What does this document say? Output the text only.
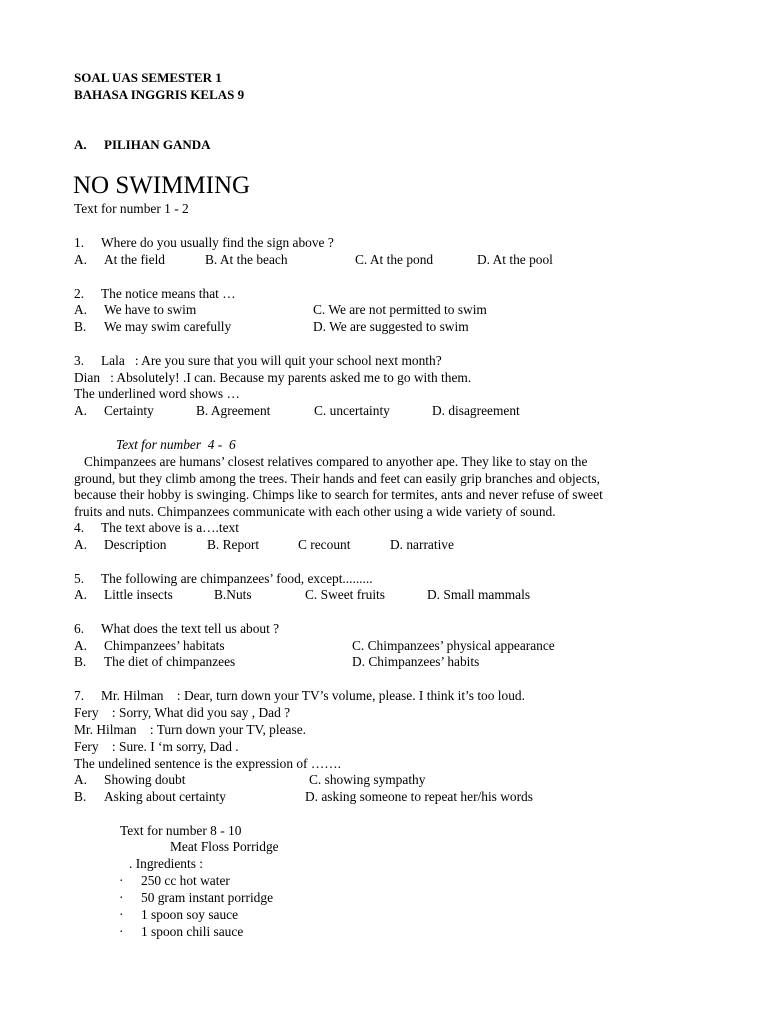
SOAL UAS SEMESTER 1
BAHASA INGGRIS KELAS 9
A. PILIHAN GANDA
NO SWIMMING
Text for number 1 - 2
1. Where do you usually find the sign above ?
A. At the field	B. At the beach	C. At the pond	D. At the pool
2. The notice means that …
A. We have to swim	C. We are not permitted to swim
B. We may swim carefully	D. We are suggested to swim
3. Lala   : Are you sure that you will quit your school next month?
Dian   : Absolutely! .I can. Because my parents asked me to go with them.
The underlined word shows …
A. Certainty	B. Agreement	C. uncertainty	D. disagreement
Text for number  4 -  6
Chimpanzees are humans’ closest relatives compared to anyother ape. They like to stay on the
ground, but they climb among the trees. Their hands and feet can easily grip branches and objects,
because their hobby is swinging. Chimps like to search for termites, ants and never refuse of sweet
fruits and nuts. Chimpanzees communicate with each other using a wide variety of sound.
4. The text above is a….text
A. Description	B. Report	C recount	D. narrative
5. The following are chimpanzees’ food, except.........
A. Little insects	B.Nuts	C. Sweet fruits	D. Small mammals
6. What does the text tell us about ?
A. Chimpanzees’ habitats	C. Chimpanzees’ physical appearance
B. The diet of chimpanzees	D. Chimpanzees’ habits
7. Mr. Hilman    : Dear, turn down your TV’s volume, please. I think it’s too loud.
Fery    : Sorry, What did you say , Dad ?
Mr. Hilman    : Turn down your TV, please.
Fery    : Sure. I ‘m sorry, Dad .
The undelined sentence is the expression of …….
A. Showing doubt	C. showing sympathy
B. Asking about certainty	D. asking someone to repeat her/his words
Text for number 8 - 10
Meat Floss Porridge
. Ingredients :
· 250 cc hot water
· 50 gram instant porridge
· 1 spoon soy sauce
· 1 spoon chili sauce
